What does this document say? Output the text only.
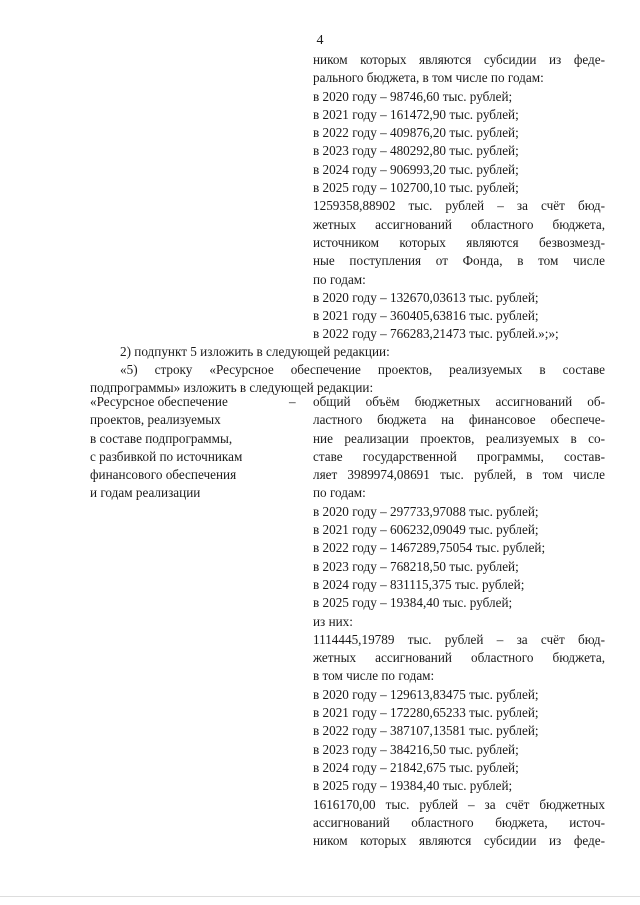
4
ником которых являются субсидии из феде-
рального бюджета, в том числе по годам:
в 2020 году – 98746,60 тыс. рублей;
в 2021 году – 161472,90 тыс. рублей;
в 2022 году – 409876,20 тыс. рублей;
в 2023 году – 480292,80 тыс. рублей;
в 2024 году – 906993,20 тыс. рублей;
в 2025 году – 102700,10 тыс. рублей;
1259358,88902 тыс. рублей – за счёт бюд-
жетных ассигнований областного бюджета,
источником которых являются безвозмезд-
ные поступления от Фонда, в том числе
по годам:
в 2020 году – 132670,03613 тыс. рублей;
в 2021 году – 360405,63816 тыс. рублей;
в 2022 году – 766283,21473 тыс. рублей.»;»;
2) подпункт 5 изложить в следующей редакции:
«5) строку «Ресурсное обеспечение проектов, реализуемых в составе
подпрограммы» изложить в следующей редакции:
«Ресурсное обеспечение
проектов, реализуемых
в составе подпрограммы,
с разбивкой по источникам
финансового обеспечения
и годам реализации
– общий объём бюджетных ассигнований об-
ластного бюджета на финансовое обеспече-
ние реализации проектов, реализуемых в со-
ставе государственной программы, состав-
ляет 3989974,08691 тыс. рублей, в том числе
по годам:
в 2020 году – 297733,97088 тыс. рублей;
в 2021 году – 606232,09049 тыс. рублей;
в 2022 году – 1467289,75054 тыс. рублей;
в 2023 году – 768218,50 тыс. рублей;
в 2024 году – 831115,375 тыс. рублей;
в 2025 году – 19384,40 тыс. рублей;
из них:
1114445,19789 тыс. рублей – за счёт бюд-
жетных ассигнований областного бюджета,
в том числе по годам:
в 2020 году – 129613,83475 тыс. рублей;
в 2021 году – 172280,65233 тыс. рублей;
в 2022 году – 387107,13581 тыс. рублей;
в 2023 году – 384216,50 тыс. рублей;
в 2024 году – 21842,675 тыс. рублей;
в 2025 году – 19384,40 тыс. рублей;
1616170,00 тыс. рублей – за счёт бюджетных
ассигнований областного бюджета, источ-
ником которых являются субсидии из феде-
